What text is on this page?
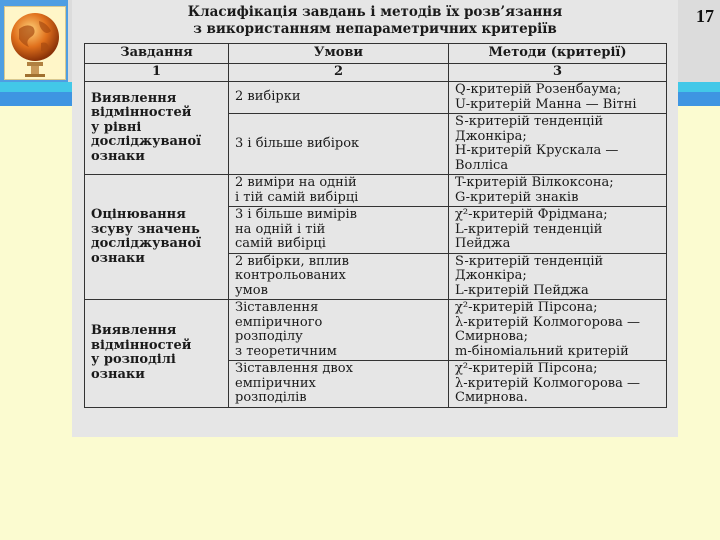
Класифікація завдань і методів їх розв’язання
з використанням непараметричних критеріїв
Завдання	Умови	Методи (критерії)
1	2	3

Виявлення
відмінностей
у рівні
досліджуваної
ознаки	2 вибірки	Q-критерій Розенбаума;
U-критерій Манна — Вітні

	3 і більше вибірок	S-критерій тенденцій
Джонкіра;
H-критерій Крускала —
Волліса

Оцінювання
зсуву значень
досліджуваної
ознаки	2 виміри на одній
і тій самій вибірці	T-критерій Вілкоксона;
G-критерій знаків

	3 і більше вимірів
на одній і тій
самій вибірці	χ²-критерій Фрідмана;
L-критерій тенденцій
Пейджа

	2 вибірки, вплив
контрольованих
умов	S-критерій тенденцій
Джонкіра;
L-критерій Пейджа

Виявлення
відмінностей
у розподілі
ознаки	Зіставлення
емпіричного
розподілу
з теоретичним	χ²-критерій Пірсона;
λ-критерій Колмогорова —
Смирнова;
m-біноміальний критерій

	Зіставлення двох
емпіричних
розподілів	χ²-критерій Пірсона;
λ-критерій Колмогорова —
Смирнова.
17
